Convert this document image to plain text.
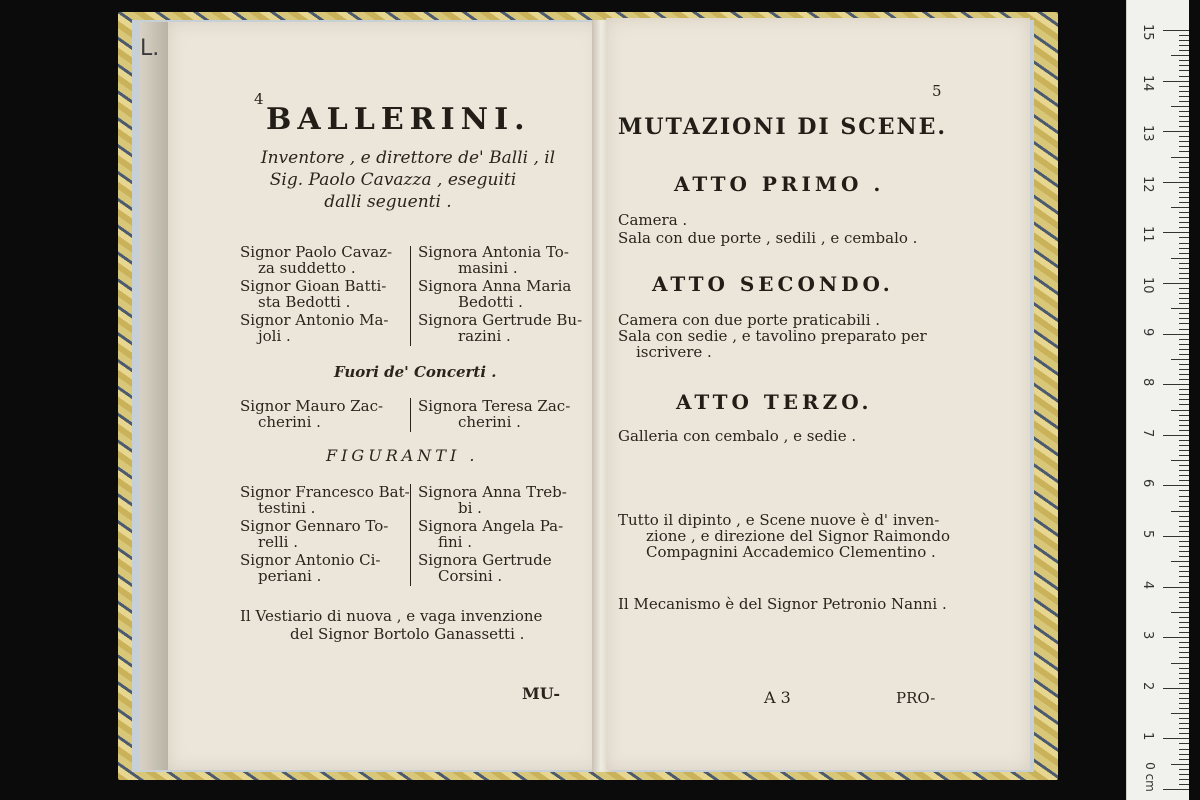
L.
4
BALLERINI.
Inventore , e direttore de' Balli , il
Sig. Paolo Cavazza , eseguiti
dalli seguenti .
Signor Paolo Cavaz-
za suddetto .
Signor Gioan Batti-
sta Bedotti .
Signor Antonio Ma-
joli .
Signora Antonia To-
masini .
Signora Anna Maria
Bedotti .
Signora Gertrude Bu-
razini .
Fuori de' Concerti .
Signor Mauro Zac-
cherini .
Signora Teresa Zac-
cherini .
FIGURANTI .
Signor Francesco Bat-
testini .
Signor Gennaro To-
relli .
Signor Antonio Ci-
periani .
Signora Anna Treb-
bi .
Signora Angela Pa-
fini .
Signora Gertrude
Corsini .
Il Vestiario di nuova , e vaga invenzione
del Signor Bortolo Ganassetti .
MU-
5
MUTAZIONI DI SCENE.
ATTO PRIMO .
Camera .
Sala con due porte , sedili , e cembalo .
ATTO SECONDO.
Camera con due porte praticabili .
Sala con sedie , e tavolino preparato per
iscrivere .
ATTO TERZO.
Galleria con cembalo , e sedie .
Tutto il dipinto , e Scene nuove è d' inven-
zione , e direzione del Signor Raimondo
Compagnini Accademico Clementino .
Il Mecanismo è del Signor Petronio Nanni .
A 3	PRO-
15
14
13
12
11
10
9
8
7
6
5
4
3
2
1
0 cm
